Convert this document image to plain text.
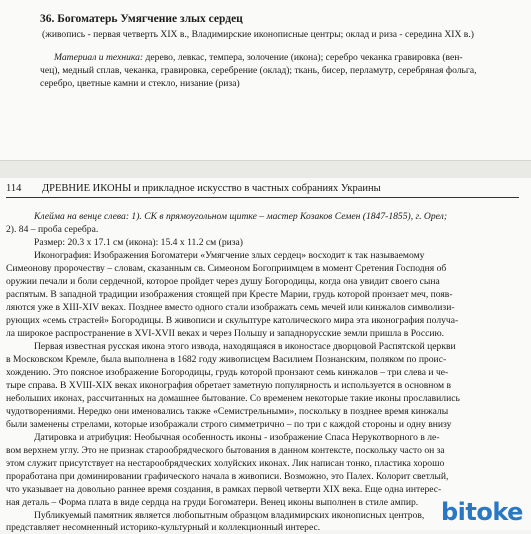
36. Богоматерь Умягчение злых сердец
(живопись - первая четверть XIX в., Владимирские иконописные центры; оклад и риза - середина XIX в.)
Материал и техника: дерево, левкас, темпера, золочение (икона); серебро чеканка гравировка (вен-
чец), медный сплав, чеканка, гравировка, серебрение (оклад); ткань, бисер, перламутр, серебряная фольга,
серебро, цветные камни и стекло, низание (риза)
114 ДРЕВНИЕ ИКОНЫ и прикладное искусство в частных собраниях Украины
Клейма на венце слева: 1). СК в прямоугольном щитке – мастер Козаков Семен (1847-1855), г. Орел;
2). 84 – проба серебра.
Размер: 20.3 х 17.1 см (икона): 15.4 х 11.2 см (риза)
Иконография: Изображения Богоматери «Умягчение злых сердец» восходит к так называемому
Симеонову пророчеству – словам, сказанным св. Симеоном Богоприимцем в момент Сретения Господня об
оружии печали и боли сердечной, которое пройдет через душу Богородицы, когда она увидит своего сына
распятым. В западной традиции изображения стоящей при Кресте Марии, грудь которой пронзает меч, появ-
ляются уже в XIII-XIV веках. Позднее вместо одного стали изображать семь мечей или кинжалов символизи-
рующих «семь страстей» Богородицы. В живописи и скульптуре католического мира эта иконография получа-
ла широкое распространение в XVI-XVII веках и через Польшу и западнорусские земли пришла в Россию.
Первая известная русская икона этого извода, находящаяся в иконостасе дворцовой Распятской церкви
в Московском Кремле, была выполнена в 1682 году живописцем Василием Познанским, поляком по проис-
хождению. Это поясное изображение Богородицы, грудь которой пронзают семь кинжалов – три слева и че-
тыре справа. В XVIII-XIX веках иконография обретает заметную популярность и используется в основном в
небольших иконах, рассчитанных на домашнее бытование. Со временем некоторые такие иконы прославились
чудотворениями. Нередко они именовались также «Семистрельными», поскольку в позднее время кинжалы
были заменены стрелами, которые изображали строго симметрично – по три с каждой стороны и одну внизу
Датировка и атрибуция: Необычная особенность иконы - изображение Спаса Нерукотворного в ле-
вом верхнем углу. Это не признак старообрядческого бытования в данном контексте, поскольку часто он за
этом служит присутствует на нестарообрядческих холуйских иконах. Лик написан тонко, пластика хорошо
проработана при доминировании графического начала в живописи. Возможно, это Палех. Колорит светлый,
что указывает на довольно раннее время создания, в рамках первой четверти XIX века. Еще одна интерес-
ная деталь – Форма плата в виде сердца на груди Богоматери. Венец иконы выполнен в стиле ампир.
Публикуемый памятник является любопытным образцом владимирских иконописных центров,
представляет несомненный историко-культурный и коллекционный интерес.
bitoke
